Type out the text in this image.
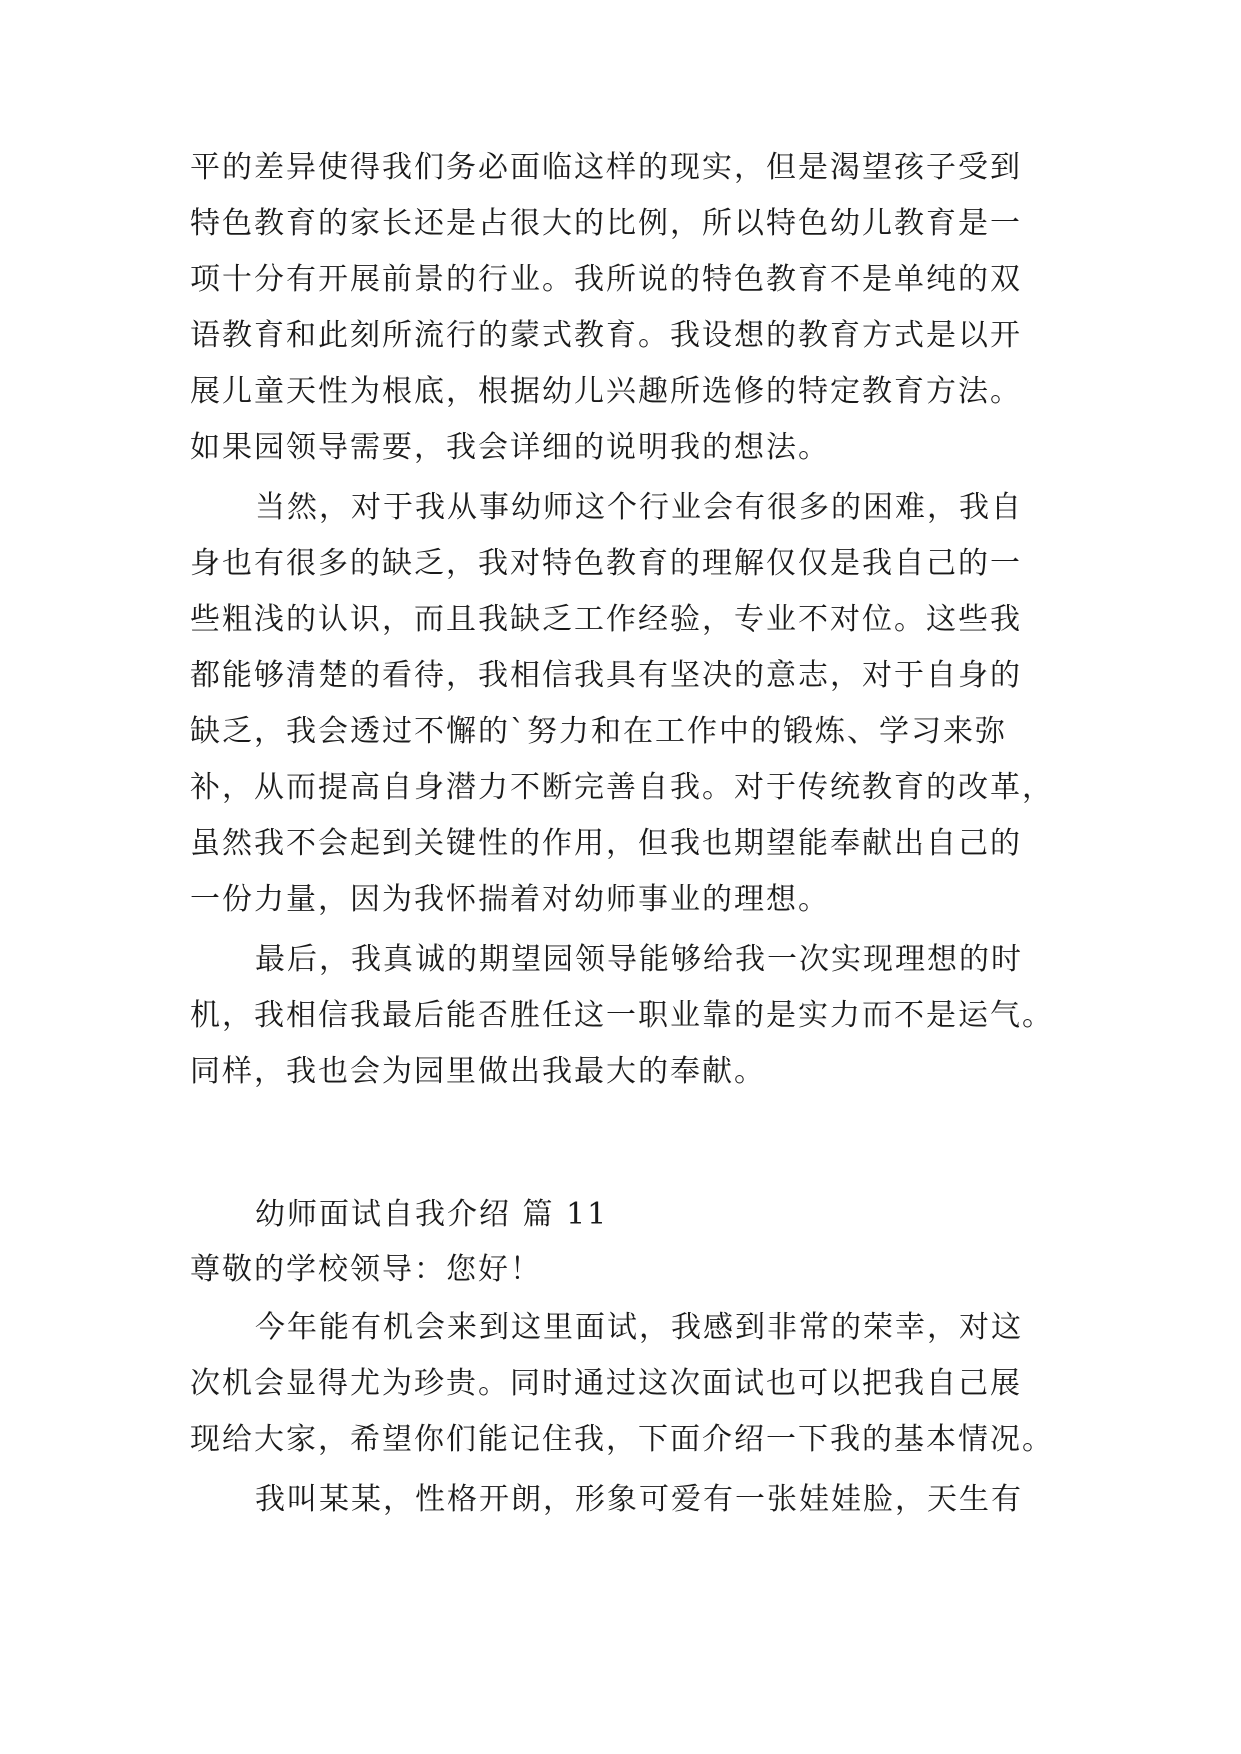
平的差异使得我们务必面临这样的现实，但是渴望孩子受到
特色教育的家长还是占很大的比例，所以特色幼儿教育是一
项十分有开展前景的行业。我所说的特色教育不是单纯的双
语教育和此刻所流行的蒙式教育。我设想的教育方式是以开
展儿童天性为根底，根据幼儿兴趣所选修的特定教育方法。
如果园领导需要，我会详细的说明我的想法。
当然，对于我从事幼师这个行业会有很多的困难，我自
身也有很多的缺乏，我对特色教育的理解仅仅是我自己的一
些粗浅的认识，而且我缺乏工作经验，专业不对位。这些我
都能够清楚的看待，我相信我具有坚决的意志，对于自身的
缺乏，我会透过不懈的`努力和在工作中的锻炼、学习来弥
补，从而提高自身潜力不断完善自我。对于传统教育的改革，
虽然我不会起到关键性的作用，但我也期望能奉献出自己的
一份力量，因为我怀揣着对幼师事业的理想。
最后，我真诚的期望园领导能够给我一次实现理想的时
机，我相信我最后能否胜任这一职业靠的是实力而不是运气。
同样，我也会为园里做出我最大的奉献。
幼师面试自我介绍 篇 11
尊敬的学校领导：您好！
今年能有机会来到这里面试，我感到非常的荣幸，对这
次机会显得尤为珍贵。同时通过这次面试也可以把我自己展
现给大家，希望你们能记住我，下面介绍一下我的基本情况。
我叫某某，性格开朗，形象可爱有一张娃娃脸，天生有
